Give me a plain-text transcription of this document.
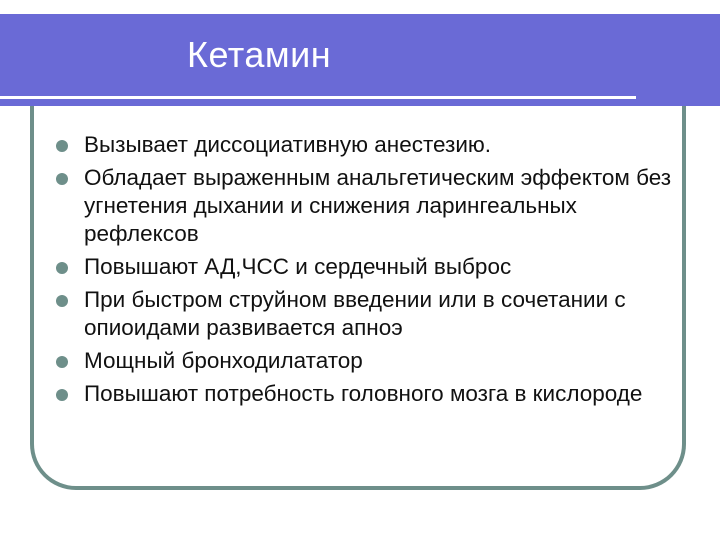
Кетамин
Вызывает диссоциативную анестезию.
Обладает выраженным анальгетическим эффектом без угнетения дыхании и снижения ларингеальных рефлексов
Повышают АД,ЧСС и сердечный выброс
При быстром струйном введении или в сочетании с опиоидами развивается апноэ
Мощный бронходилататор
Повышают потребность головного мозга в кислороде
